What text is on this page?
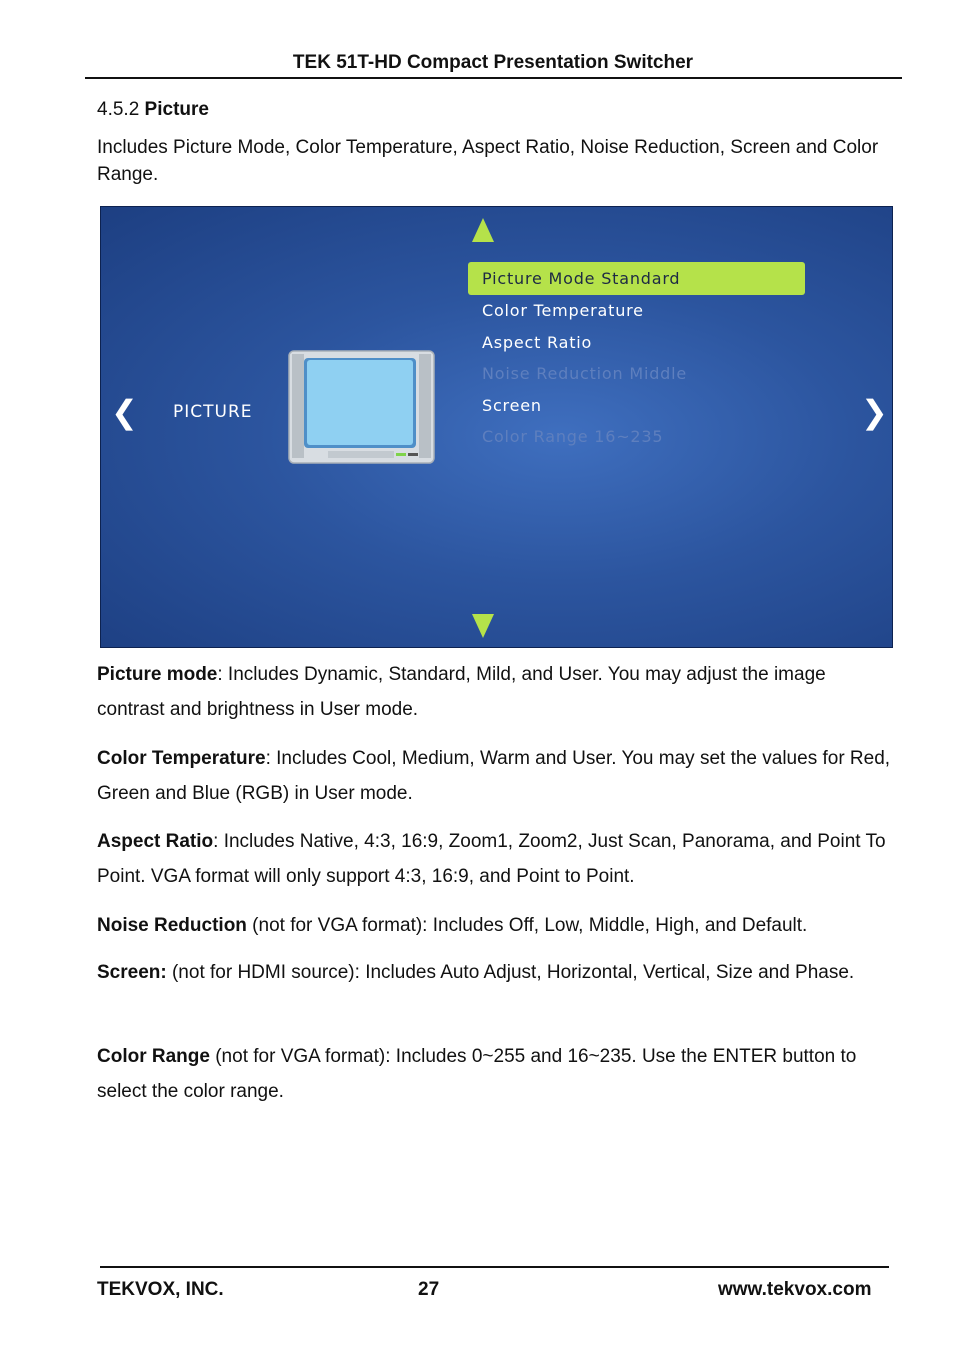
TEK 51T-HD Compact Presentation Switcher
4.5.2 Picture
Includes Picture Mode, Color Temperature, Aspect Ratio, Noise Reduction, Screen and Color Range.
❮ PICTURE
Picture Mode Standard
Color Temperature
Aspect Ratio
Noise Reduction Middle
Screen
Color Range 16~235
❯
Picture mode: Includes Dynamic, Standard, Mild, and User. You may adjust the image contrast and brightness in User mode.
Color Temperature: Includes Cool, Medium, Warm and User. You may set the values for Red, Green and Blue (RGB) in User mode.
Aspect Ratio: Includes Native, 4:3, 16:9, Zoom1, Zoom2, Just Scan, Panorama, and Point To Point. VGA format will only support 4:3, 16:9, and Point to Point.
Noise Reduction (not for VGA format): Includes Off, Low, Middle, High, and Default.
Screen: (not for HDMI source): Includes Auto Adjust, Horizontal, Vertical, Size and Phase.
Color Range (not for VGA format): Includes 0~255 and 16~235. Use the ENTER button to select the color range.
TEKVOX, INC.	27	www.tekvox.com
